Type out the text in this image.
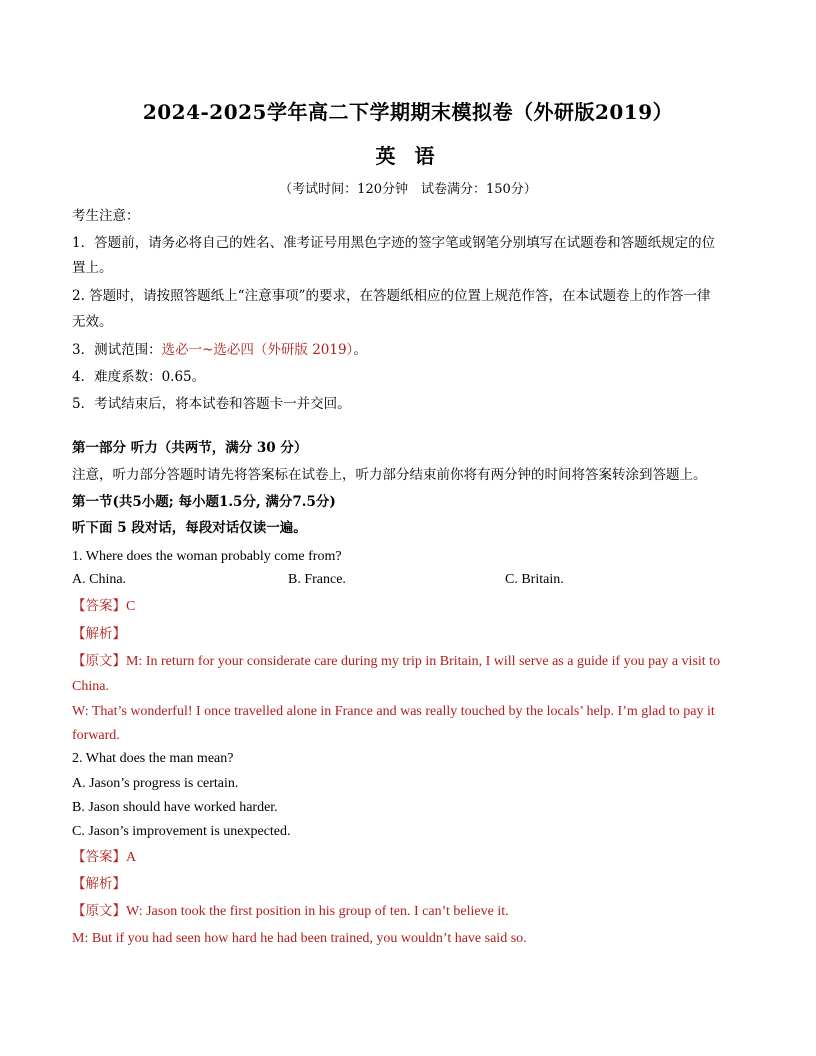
2024-2025学年高二下学期期末模拟卷（外研版2019）
英 语
（考试时间：120分钟　试卷满分：150分）
考生注意：
1．答题前，请务必将自己的姓名、准考证号用黑色字迹的签字笔或钢笔分别填写在试题卷和答题纸规定的位
置上。
2. 答题时，请按照答题纸上“注意事项”的要求，在答题纸相应的位置上规范作答，在本试题卷上的作答一律
无效。
3．测试范围：选必一~选必四（外研版 2019）。
4．难度系数：0.65。
5．考试结束后，将本试卷和答题卡一并交回。
第一部分 听力（共两节，满分 30 分）
注意，听力部分答题时请先将答案标在试卷上，听力部分结束前你将有两分钟的时间将答案转涂到答题上。
第一节(共5小题; 每小题1.5分, 满分7.5分)
听下面 5 段对话，每段对话仅读一遍。
1. Where does the woman probably come from?
A. China.	B. France.	C. Britain.
【答案】C
【解析】
【原文】M: In return for your considerate care during my trip in Britain, I will serve as a guide if you pay a visit to
China.
W: That’s wonderful! I once travelled alone in France and was really touched by the locals’ help. I’m glad to pay it
forward.
2. What does the man mean?
A. Jason’s progress is certain.
B. Jason should have worked harder.
C. Jason’s improvement is unexpected.
【答案】A
【解析】
【原文】W: Jason took the first position in his group of ten. I can’t believe it.
M: But if you had seen how hard he had been trained, you wouldn’t have said so.
